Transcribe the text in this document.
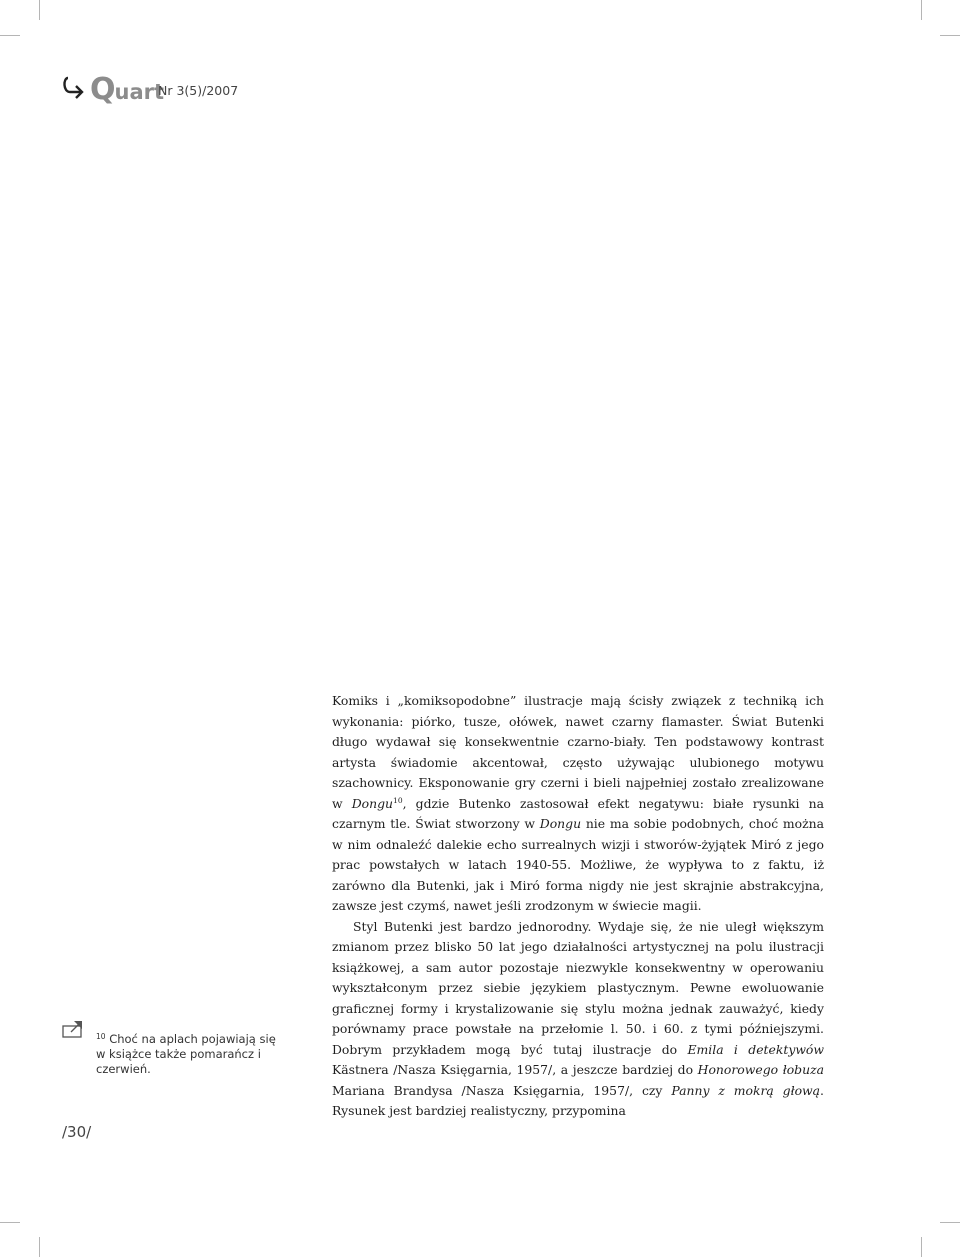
Quart
Nr 3(5)/2007
$^{10}$ Choć na aplach pojawiają się
w książce także pomarańcz i czerwień.
/30/

Komiks i „komiksopodobne” ilustracje mają ścisły związek z techniką ich wykonania: piórko, tusze, ołówek, nawet czarny flamaster. Świat Butenki długo wydawał się konsekwentnie czarno-biały. Ten podstawowy kontrast artysta świadomie akcentował, często używając ulubionego motywu szachownicy. Eksponowanie gry czerni i bieli najpełniej zostało zrealizowane w Dongu$^{10}$, gdzie Butenko zastosował efekt negatywu: białe rysunki na czarnym tle. Świat stworzony w Dongu nie ma sobie podobnych, choć można w nim odnaleźć dalekie echo surrealnych wizji i stworów-żyjątek Miró z jego prac powstałych w latach 1940-55. Możliwe, że wypływa to z faktu, iż zarówno dla Butenki, jak i Miró forma nigdy nie jest skrajnie abstrakcyjna, zawsze jest czymś, nawet jeśli zrodzonym w świecie magii.

Styl Butenki jest bardzo jednorodny. Wydaje się, że nie uległ większym zmianom przez blisko 50 lat jego działalności artystycznej na polu ilustracji książkowej, a sam autor pozostaje niezwykle konsekwentny w operowaniu wykształconym przez siebie językiem plastycznym. Pewne ewoluowanie graficznej formy i krystalizowanie się stylu można jednak zauważyć, kiedy porównamy prace powstałe na przełomie l. 50. i 60. z tymi późniejszymi. Dobrym przykładem mogą być tutaj ilustracje do Emila i detektywów Kästnera /Nasza Księgarnia, 1957/, a jeszcze bardziej do Honorowego łobuza Mariana Brandysa /Nasza Księgarnia, 1957/, czy Panny z mokrą głową. Rysunek jest bardziej realistyczny, przypomina
